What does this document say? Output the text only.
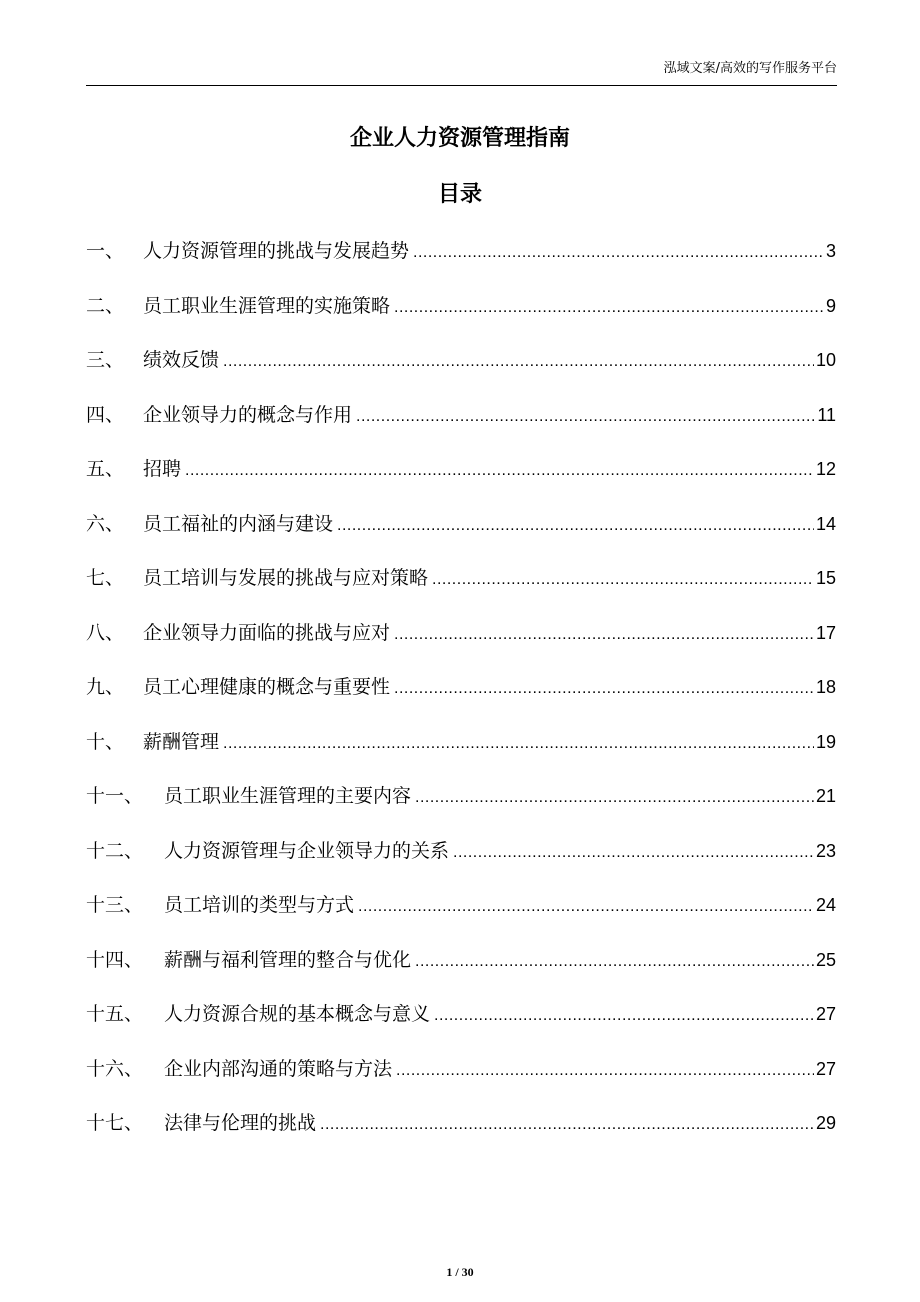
泓域文案/高效的写作服务平台
企业人力资源管理指南
目录
一、 人力资源管理的挑战与发展趋势 .....	3
二、 员工职业生涯管理的实施策略 .....	9
三、 绩效反馈 .....	10
四、 企业领导力的概念与作用 .....	11
五、 招聘 .....	12
六、 员工福祉的内涵与建设 .....	14
七、 员工培训与发展的挑战与应对策略 .....	15
八、 企业领导力面临的挑战与应对 .....	17
九、 员工心理健康的概念与重要性 .....	18
十、 薪酬管理 .....	19
十一、	员工职业生涯管理的主要内容 .....	21
十二、	人力资源管理与企业领导力的关系 .....	23
十三、	员工培训的类型与方式 .....	24
十四、	薪酬与福利管理的整合与优化 .....	25
十五、	人力资源合规的基本概念与意义 .....	27
十六、	企业内部沟通的策略与方法 .....	27
十七、	法律与伦理的挑战 .....	29
1 / 30
